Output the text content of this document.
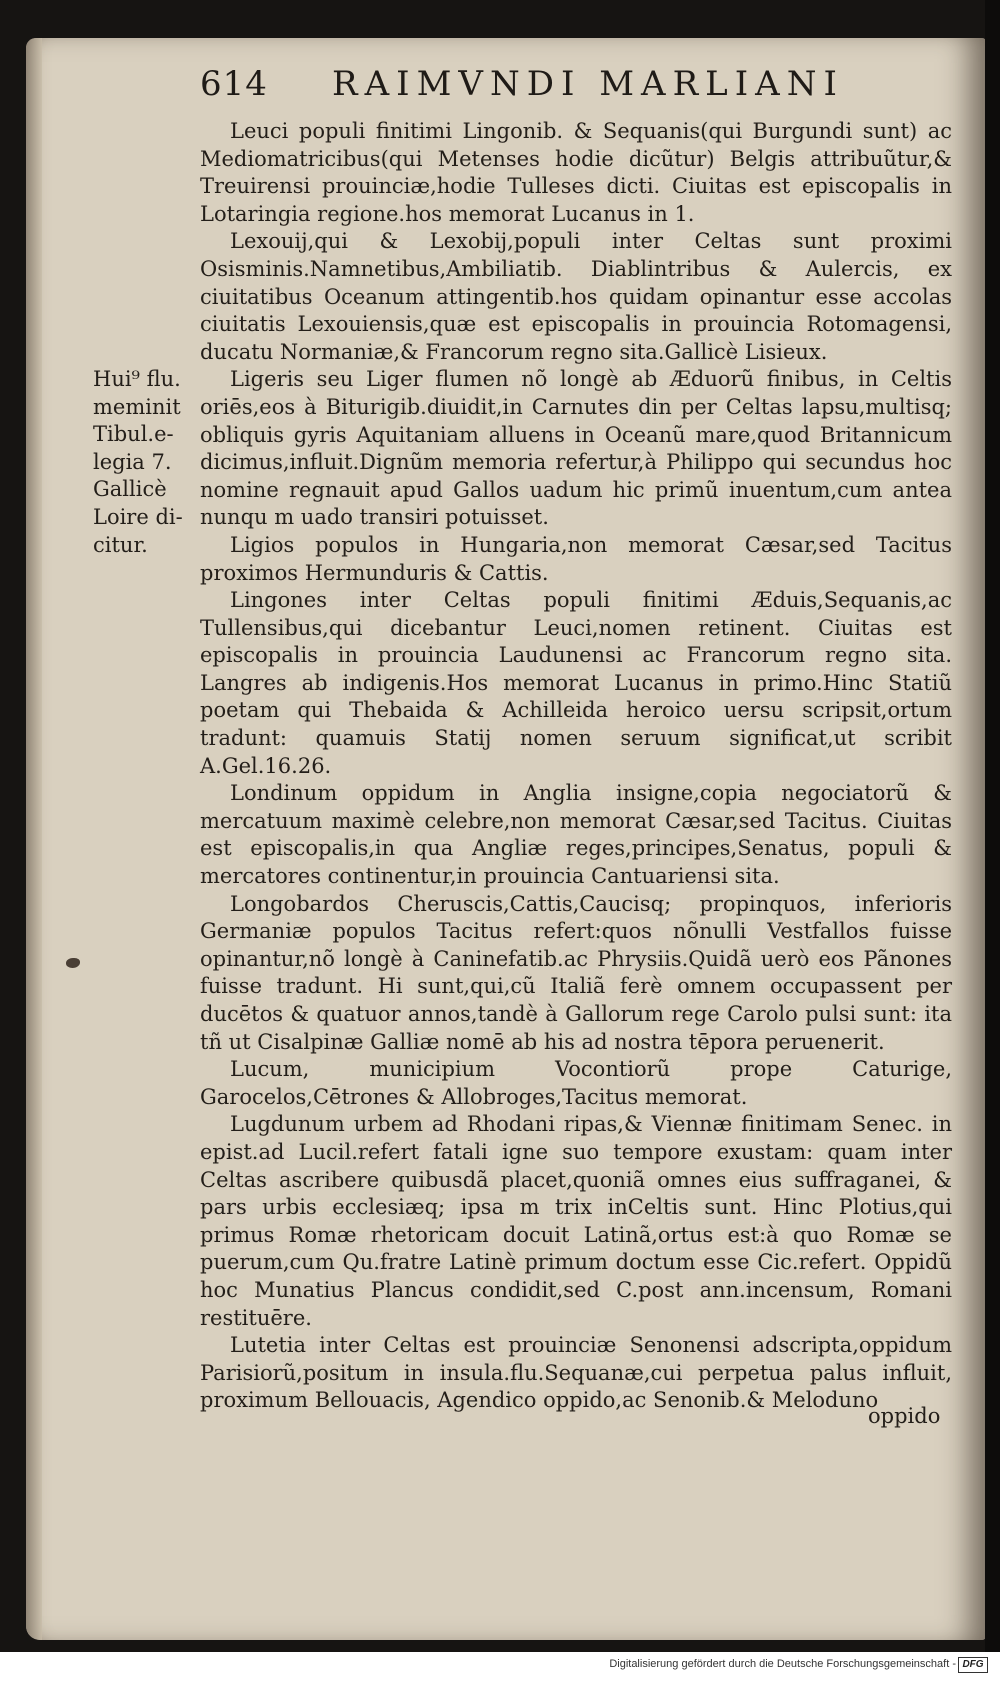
614 RAIMVNDI MARLIANI
Hui⁹ flu.
meminit
Tibul.e-
legia 7.
Gallicè
Loire di-
citur.

Leuci populi finitimi Lingonib. & Sequanis(qui Burgundi sunt) ac Mediomatricibus(qui Metenses hodie dicũtur) Belgis attribuũtur,& Treuirensi prouinciæ,hodie Tulleses dicti. Ciuitas est episcopalis in Lotaringia regione.hos memorat Lucanus in 1.

Lexouij,qui & Lexobij,populi inter Celtas sunt proximi Osisminis.Namnetibus,Ambiliatib. Diablintribus & Aulercis, ex ciuitatibus Oceanum attingentib.hos quidam opinantur esse accolas ciuitatis Lexouiensis,quæ est episcopalis in prouincia Rotomagensi, ducatu Normaniæ,& Francorum regno sita.Gallicè Lisieux.

Ligeris seu Liger flumen nõ longè ab Æduorũ finibus, in Celtis oriēs,eos à Biturigib.diuidit,in Carnutes din per Celtas lapsu,multisq; obliquis gyris Aquitaniam alluens in Oceanũ mare,quod Britannicum dicimus,influit.Dignũm memoria refertur,à Philippo qui secundus hoc nomine regnauit apud Gallos uadum hic primũ inuentum,cum antea nunqu m uado transiri potuisset.

Ligios populos in Hungaria,non memorat Cæsar,sed Tacitus proximos Hermunduris & Cattis.

Lingones inter Celtas populi finitimi Æduis,Sequanis,ac Tullensibus,qui dicebantur Leuci,nomen retinent. Ciuitas est episcopalis in prouincia Laudunensi ac Francorum regno sita. Langres ab indigenis.Hos memorat Lucanus in primo.Hinc Statiũ poetam qui Thebaida & Achilleida heroico uersu scripsit,ortum tradunt: quamuis Statij nomen seruum significat,ut scribit A.Gel.16.26.

Londinum oppidum in Anglia insigne,copia negociatorũ & mercatuum maximè celebre,non memorat Cæsar,sed Tacitus. Ciuitas est episcopalis,in qua Angliæ reges,principes,Senatus, populi & mercatores continentur,in prouincia Cantuariensi sita.

Longobardos Cheruscis,Cattis,Caucisq; propinquos, inferioris Germaniæ populos Tacitus refert:quos nõnulli Vestfallos fuisse opinantur,nõ longè à Caninefatib.ac Phrysiis.Quidã uerò eos Pãnones fuisse tradunt. Hi sunt,qui,cũ Italiã ferè omnem occupassent per ducētos & quatuor annos,tandè à Gallorum rege Carolo pulsi sunt: ita tñ ut Cisalpinæ Galliæ nomē ab his ad nostra tēpora peruenerit.

Lucum, municipium Vocontiorũ prope Caturige, Garocelos,Cētrones & Allobroges,Tacitus memorat.

Lugdunum urbem ad Rhodani ripas,& Viennæ finitimam Senec. in epist.ad Lucil.refert fatali igne suo tempore exustam: quam inter Celtas ascribere quibusdã placet,quoniã omnes eius suffraganei, & pars urbis ecclesiæq; ipsa m trix inCeltis sunt. Hinc Plotius,qui primus Romæ rhetoricam docuit Latinã,ortus est:à quo Romæ se puerum,cum Qu.fratre Latinè primum doctum esse Cic.refert. Oppidũ hoc Munatius Plancus condidit,sed C.post ann.incensum, Romani restituēre.

Lutetia inter Celtas est prouinciæ Senonensi adscripta,oppidum Parisiorũ,positum in insula.flu.Sequanæ,cui perpetua palus influit, proximum Bellouacis, Agendico oppido,ac Senonib.& Meloduno

oppido
Digitalisierung gefördert durch die Deutsche Forschungsgemeinschaft - DFG
